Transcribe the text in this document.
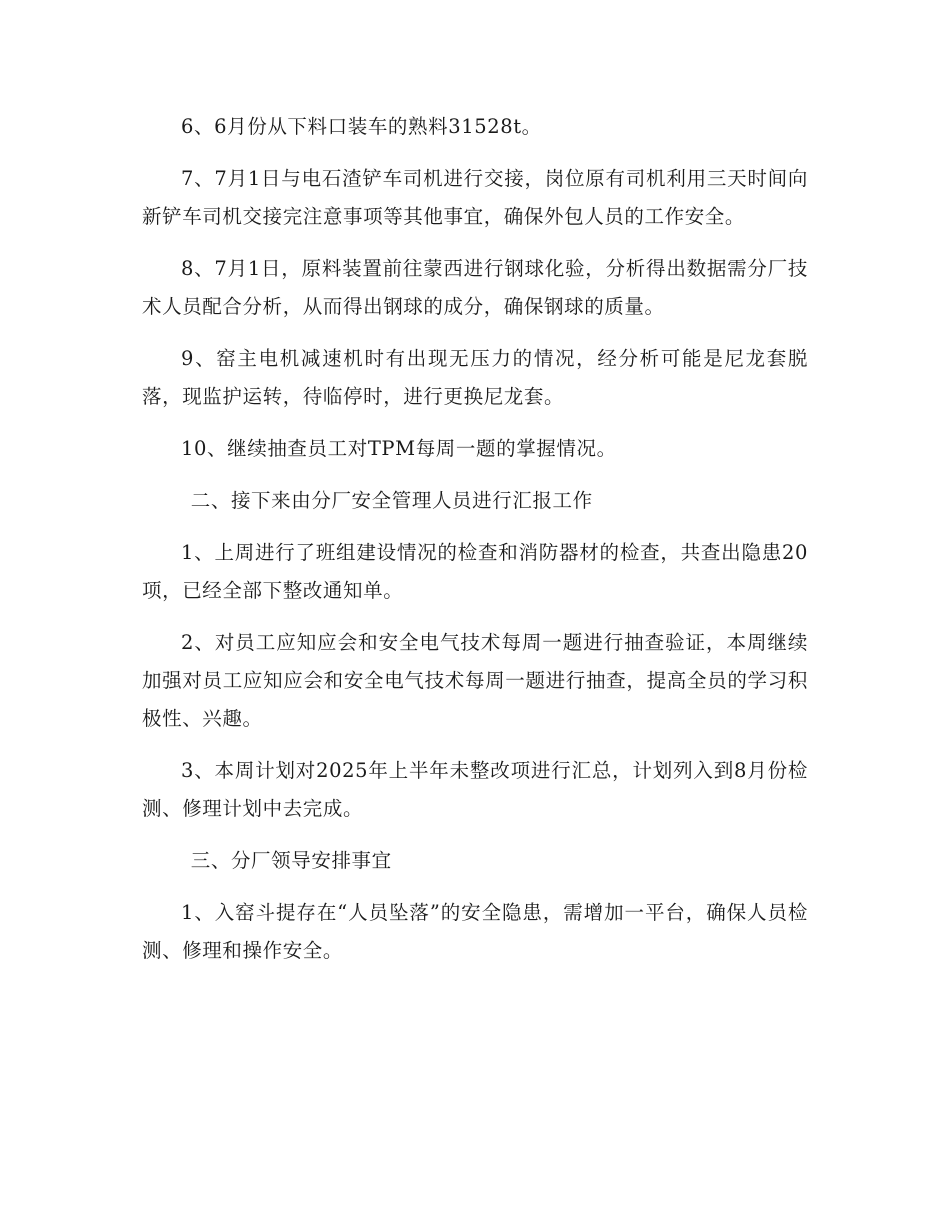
6、6月份从下料口装车的熟料31528t。

7、7月1日与电石渣铲车司机进行交接，岗位原有司机利用三天时间向新铲车司机交接完注意事项等其他事宜，确保外包人员的工作安全。

8、7月1日，原料装置前往蒙西进行钢球化验，分析得出数据需分厂技术人员配合分析，从而得出钢球的成分，确保钢球的质量。

9、窑主电机减速机时有出现无压力的情况，经分析可能是尼龙套脱落，现监护运转，待临停时，进行更换尼龙套。

10、继续抽查员工对TPM每周一题的掌握情况。

二、接下来由分厂安全管理人员进行汇报工作

1、上周进行了班组建设情况的检查和消防器材的检查，共查出隐患20项，已经全部下整改通知单。

2、对员工应知应会和安全电气技术每周一题进行抽查验证，本周继续加强对员工应知应会和安全电气技术每周一题进行抽查，提高全员的学习积极性、兴趣。

3、本周计划对2025年上半年未整改项进行汇总，计划列入到8月份检测、修理计划中去完成。

三、分厂领导安排事宜

1、入窑斗提存在“人员坠落”的安全隐患，需增加一平台，确保人员检测、修理和操作安全。
